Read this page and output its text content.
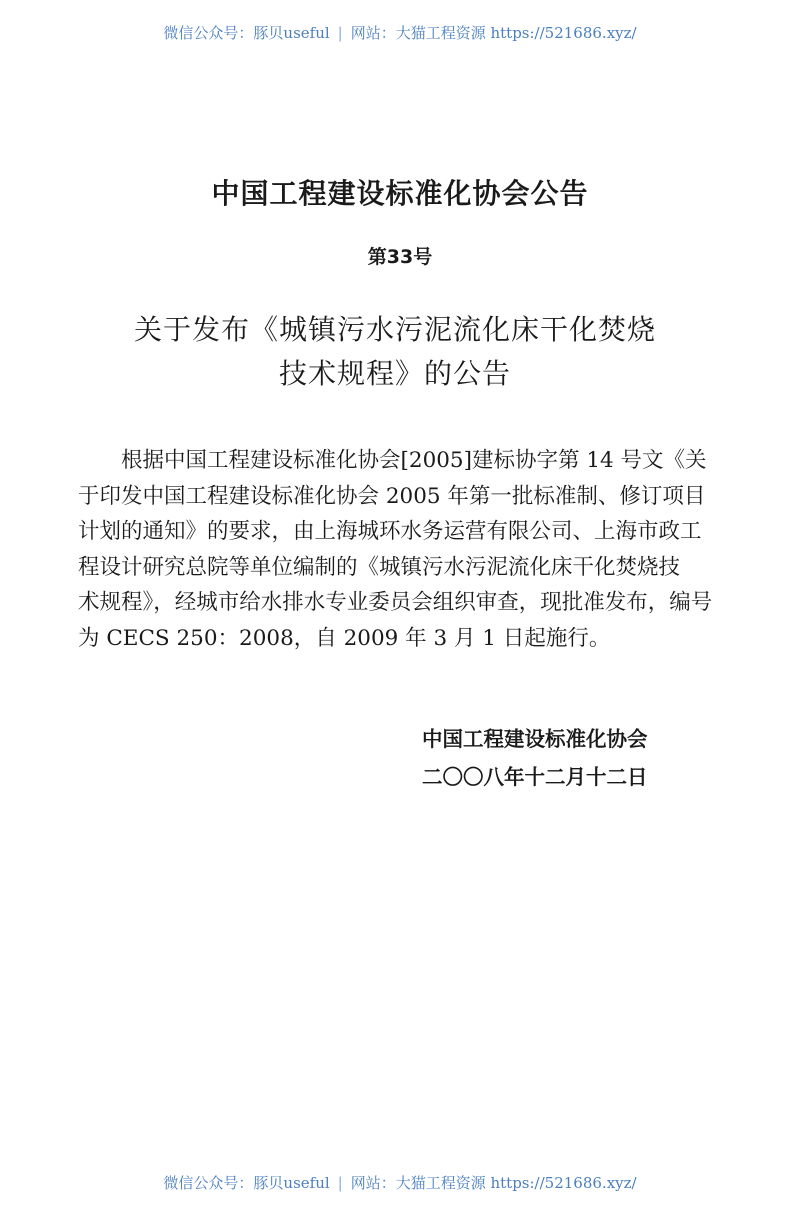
微信公众号：豚贝useful | 网站：大猫工程资源 https://521686.xyz/
中国工程建设标准化协会公告
第33号
关于发布《城镇污水污泥流化床干化焚烧
技术规程》的公告
根据中国工程建设标准化协会[2005]建标协字第 14 号文《关
于印发中国工程建设标准化协会 2005 年第一批标准制、修订项目
计划的通知》的要求，由上海城环水务运营有限公司、上海市政工
程设计研究总院等单位编制的《城镇污水污泥流化床干化焚烧技
术规程》，经城市给水排水专业委员会组织审查，现批准发布，编号
为 CECS 250：2008，自 2009 年 3 月 1 日起施行。
中国工程建设标准化协会
二〇〇八年十二月十二日
微信公众号：豚贝useful | 网站：大猫工程资源 https://521686.xyz/
